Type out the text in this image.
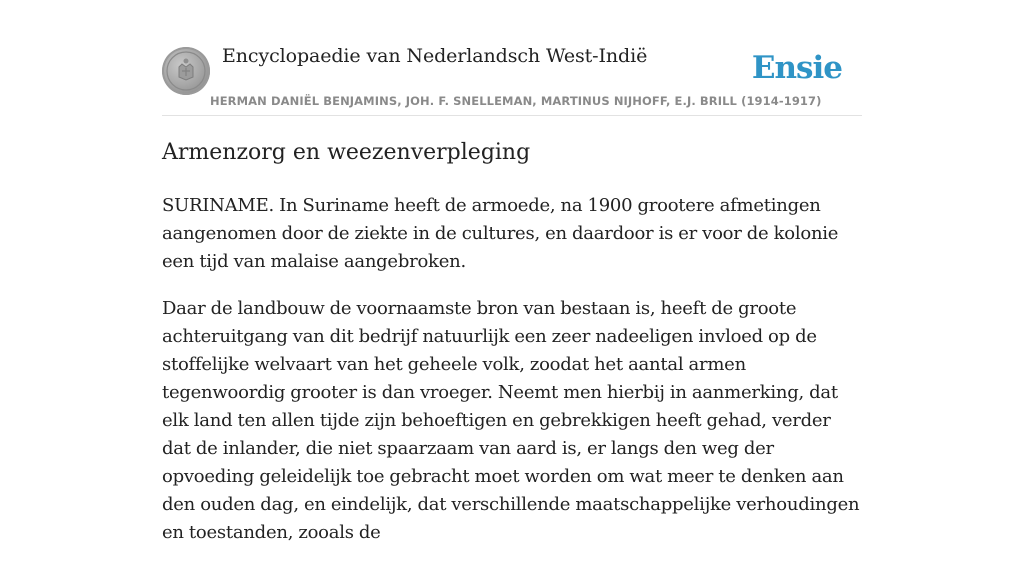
Encyclopaedie van Nederlandsch West-Indië	Ensie
HERMAN DANIËL BENJAMINS, JOH. F. SNELLEMAN, MARTINUS NIJHOFF, E.J. BRILL (1914-1917)
Armenzorg en weezenverpleging

SURINAME. In Suriname heeft de armoede, na 1900 grootere afmetingen aangenomen door de ziekte in de cultures, en daardoor is er voor de kolonie een tijd van malaise aangebroken.

Daar de landbouw de voornaamste bron van bestaan is, heeft de groote achteruitgang van dit bedrijf natuurlijk een zeer nadeeligen invloed op de stoffelijke welvaart van het geheele volk, zoodat het aantal armen tegenwoordig grooter is dan vroeger. Neemt men hierbij in aanmerking, dat elk land ten allen tijde zijn behoeftigen en gebrekkigen heeft gehad, verder dat de inlander, die niet spaarzaam van aard is, er langs den weg der opvoeding geleidelijk toe gebracht moet worden om wat meer te denken aan den ouden dag, en eindelijk, dat verschillende maatschappelijke verhoudingen en toestanden, zooals de
